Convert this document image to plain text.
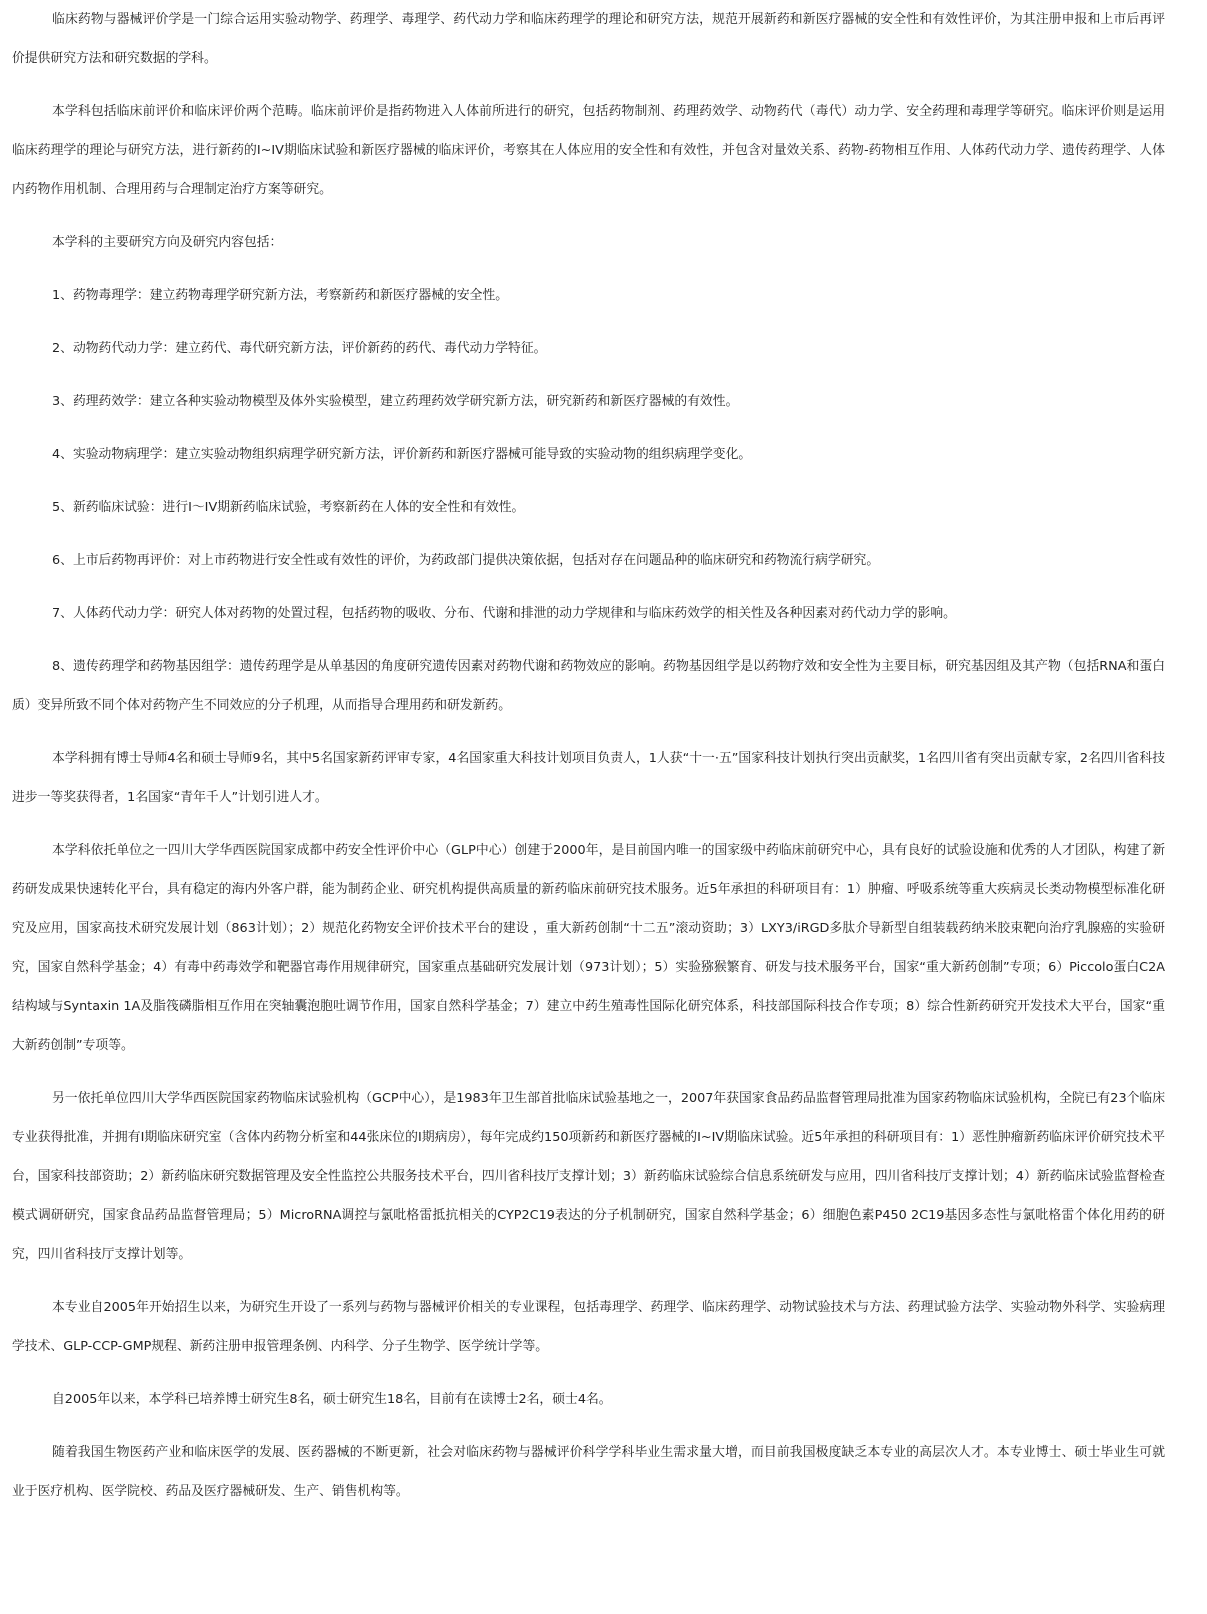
临床药物与器械评价学是一门综合运用实验动物学、药理学、毒理学、药代动力学和临床药理学的理论和研究方法，规范开展新药和新医疗器械的安全性和有效性评价，为其注册申报和上市后再评价提供研究方法和研究数据的学科。

本学科包括临床前评价和临床评价两个范畴。临床前评价是指药物进入人体前所进行的研究，包括药物制剂、药理药效学、动物药代（毒代）动力学、安全药理和毒理学等研究。临床评价则是运用临床药理学的理论与研究方法，进行新药的I~IV期临床试验和新医疗器械的临床评价，考察其在人体应用的安全性和有效性，并包含对量效关系、药物-药物相互作用、人体药代动力学、遗传药理学、人体内药物作用机制、合理用药与合理制定治疗方案等研究。

本学科的主要研究方向及研究内容包括：

1、药物毒理学：建立药物毒理学研究新方法，考察新药和新医疗器械的安全性。

2、动物药代动力学：建立药代、毒代研究新方法，评价新药的药代、毒代动力学特征。

3、药理药效学：建立各种实验动物模型及体外实验模型，建立药理药效学研究新方法，研究新药和新医疗器械的有效性。

4、实验动物病理学：建立实验动物组织病理学研究新方法，评价新药和新医疗器械可能导致的实验动物的组织病理学变化。

5、新药临床试验：进行I～IV期新药临床试验，考察新药在人体的安全性和有效性。

6、上市后药物再评价：对上市药物进行安全性或有效性的评价，为药政部门提供决策依据，包括对存在问题品种的临床研究和药物流行病学研究。

7、人体药代动力学：研究人体对药物的处置过程，包括药物的吸收、分布、代谢和排泄的动力学规律和与临床药效学的相关性及各种因素对药代动力学的影响。

8、遗传药理学和药物基因组学：遗传药理学是从单基因的角度研究遗传因素对药物代谢和药物效应的影响。药物基因组学是以药物疗效和安全性为主要目标，研究基因组及其产物（包括RNA和蛋白质）变异所致不同个体对药物产生不同效应的分子机理，从而指导合理用药和研发新药。

本学科拥有博士导师4名和硕士导师9名，其中5名国家新药评审专家，4名国家重大科技计划项目负责人，1人获“十一·五”国家科技计划执行突出贡献奖，1名四川省有突出贡献专家，2名四川省科技进步一等奖获得者，1名国家“青年千人”计划引进人才。

本学科依托单位之一四川大学华西医院国家成都中药安全性评价中心（GLP中心）创建于2000年，是目前国内唯一的国家级中药临床前研究中心，具有良好的试验设施和优秀的人才团队，构建了新药研发成果快速转化平台，具有稳定的海内外客户群，能为制药企业、研究机构提供高质量的新药临床前研究技术服务。近5年承担的科研项目有：1）肿瘤、呼吸系统等重大疾病灵长类动物模型标准化研究及应用，国家高技术研究发展计划（863计划）；2）规范化药物安全评价技术平台的建设 ，重大新药创制“十二五”滚动资助；3）LXY3/iRGD多肽介导新型自组装载药纳米胶束靶向治疗乳腺癌的实验研究，国家自然科学基金；4）有毒中药毒效学和靶器官毒作用规律研究，国家重点基础研究发展计划（973计划）；5）实验猕猴繁育、研发与技术服务平台，国家“重大新药创制”专项；6）Piccolo蛋白C2A结构域与Syntaxin 1A及脂筏磷脂相互作用在突轴囊泡胞吐调节作用，国家自然科学基金；7）建立中药生殖毒性国际化研究体系，科技部国际科技合作专项；8）综合性新药研究开发技术大平台，国家“重大新药创制”专项等。

另一依托单位四川大学华西医院国家药物临床试验机构（GCP中心），是1983年卫生部首批临床试验基地之一，2007年获国家食品药品监督管理局批准为国家药物临床试验机构，全院已有23个临床专业获得批准，并拥有I期临床研究室（含体内药物分析室和44张床位的I期病房），每年完成约150项新药和新医疗器械的I~IV期临床试验。近5年承担的科研项目有：1）恶性肿瘤新药临床评价研究技术平台，国家科技部资助；2）新药临床研究数据管理及安全性监控公共服务技术平台，四川省科技厅支撑计划；3）新药临床试验综合信息系统研发与应用，四川省科技厅支撑计划；4）新药临床试验监督检查模式调研研究，国家食品药品监督管理局；5）MicroRNA调控与氯吡格雷抵抗相关的CYP2C19表达的分子机制研究，国家自然科学基金；6）细胞色素P450 2C19基因多态性与氯吡格雷个体化用药的研究，四川省科技厅支撑计划等。

本专业自2005年开始招生以来，为研究生开设了一系列与药物与器械评价相关的专业课程，包括毒理学、药理学、临床药理学、动物试验技术与方法、药理试验方法学、实验动物外科学、实验病理学技术、GLP-CCP-GMP规程、新药注册申报管理条例、内科学、分子生物学、医学统计学等。

自2005年以来，本学科已培养博士研究生8名，硕士研究生18名，目前有在读博士2名，硕士4名。

随着我国生物医药产业和临床医学的发展、医药器械的不断更新，社会对临床药物与器械评价科学学科毕业生需求量大增，而目前我国极度缺乏本专业的高层次人才。本专业博士、硕士毕业生可就业于医疗机构、医学院校、药品及医疗器械研发、生产、销售机构等。
